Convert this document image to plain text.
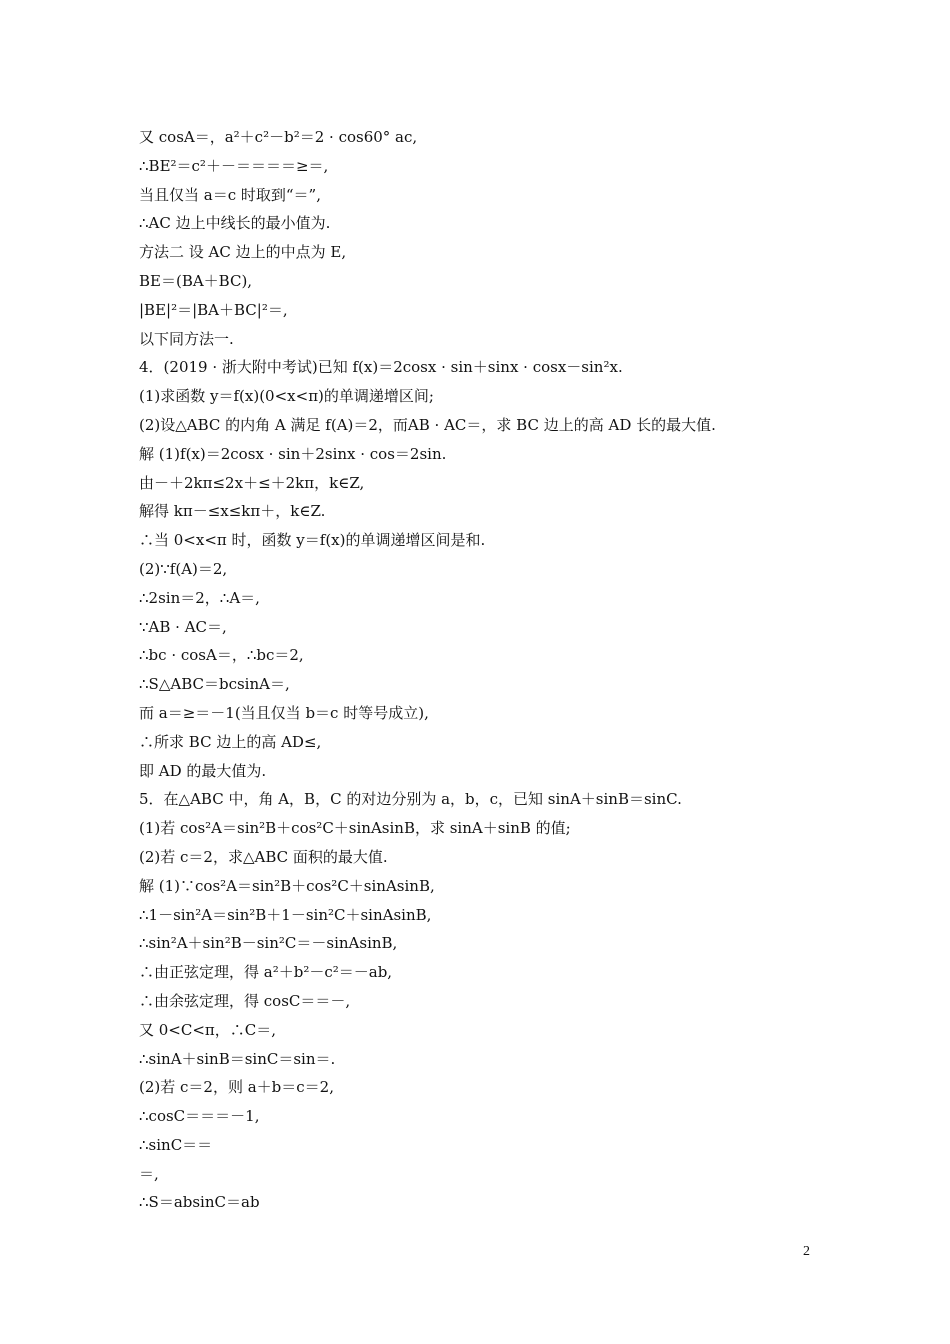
又 cosA＝，a²＋c²－b²＝2 · cos60° ac,
∴BE²＝c²＋－＝＝＝＝≥＝,
当且仅当 a＝c 时取到“＝”,
∴AC 边上中线长的最小值为.
方法二 设 AC 边上的中点为 E,
BE＝(BA＋BC),
|BE|²＝|BA＋BC|²＝,
以下同方法一.
4．(2019 · 浙大附中考试)已知 f(x)＝2cosx · sin＋sinx · cosx－sin²x.
(1)求函数 y＝f(x)(0<x<π)的单调递增区间;
(2)设△ABC 的内角 A 满足 f(A)＝2，而AB · AC＝，求 BC 边上的高 AD 长的最大值.
解 (1)f(x)＝2cosx · sin＋2sinx · cos＝2sin.
由－＋2kπ≤2x＋≤＋2kπ，k∈Z,
解得 kπ－≤x≤kπ＋，k∈Z.
∴当 0<x<π 时，函数 y＝f(x)的单调递增区间是和.
(2)∵f(A)＝2,
∴2sin＝2，∴A＝,
∵AB · AC＝,
∴bc · cosA＝，∴bc＝2,
∴S△ABC＝bcsinA＝,
而 a＝≥＝－1(当且仅当 b＝c 时等号成立),
∴所求 BC 边上的高 AD≤,
即 AD 的最大值为.
5．在△ABC 中，角 A，B，C 的对边分别为 a，b，c，已知 sinA＋sinB＝sinC.
(1)若 cos²A＝sin²B＋cos²C＋sinAsinB，求 sinA＋sinB 的值;
(2)若 c＝2，求△ABC 面积的最大值.
解 (1)∵cos²A＝sin²B＋cos²C＋sinAsinB,
∴1－sin²A＝sin²B＋1－sin²C＋sinAsinB,
∴sin²A＋sin²B－sin²C＝－sinAsinB,
∴由正弦定理，得 a²＋b²－c²＝－ab,
∴由余弦定理，得 cosC＝＝－,
又 0<C<π，∴C＝,
∴sinA＋sinB＝sinC＝sin＝.
(2)若 c＝2，则 a＋b＝c＝2,
∴cosC＝＝＝－1,
∴sinC＝＝
＝,
∴S＝absinC＝ab
2
